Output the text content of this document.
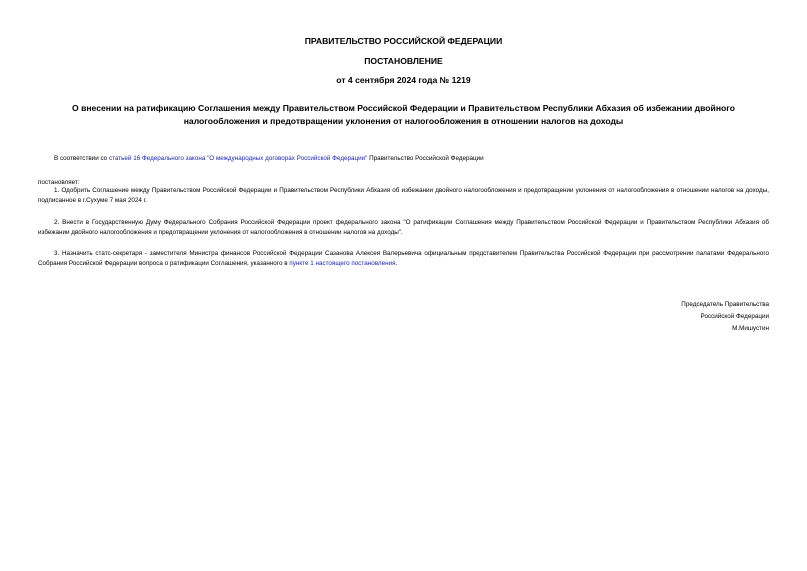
ПРАВИТЕЛЬСТВО РОССИЙСКОЙ ФЕДЕРАЦИИ
ПОСТАНОВЛЕНИЕ
от 4 сентября 2024 года № 1219
О внесении на ратификацию Соглашения между Правительством Российской Федерации и Правительством Республики Абхазия об избежании двойного налогообложения и предотвращении уклонения от налогообложения в отношении налогов на доходы
В соответствии со статьей 16 Федерального закона "О международных договорах Российской Федерации" Правительство Российской Федерации
постановляет:
1. Одобрить Соглашение между Правительством Российской Федерации и Правительством Республики Абхазия об избежании двойного налогообложения и предотвращении уклонения от налогообложения в отношении налогов на доходы, подписанное в г.Сухуме 7 мая 2024 г.
2. Внести в Государственную Думу Федерального Собрания Российской Федерации проект федерального закона "О ратификации Соглашения между Правительством Российской Федерации и Правительством Республики Абхазия об избежании двойного налогообложения и предотвращении уклонения от налогообложения в отношении налогов на доходы".
3. Назначить статс-секретаря - заместителя Министра финансов Российской Федерации Сазанова Алексея Валерьевича официальным представителем Правительства Российской Федерации при рассмотрении палатами Федерального Собрания Российской Федерации вопроса о ратификации Соглашения, указанного в пункте 1 настоящего постановления.
Председатель Правительства
Российской Федерации
М.Мишустин
